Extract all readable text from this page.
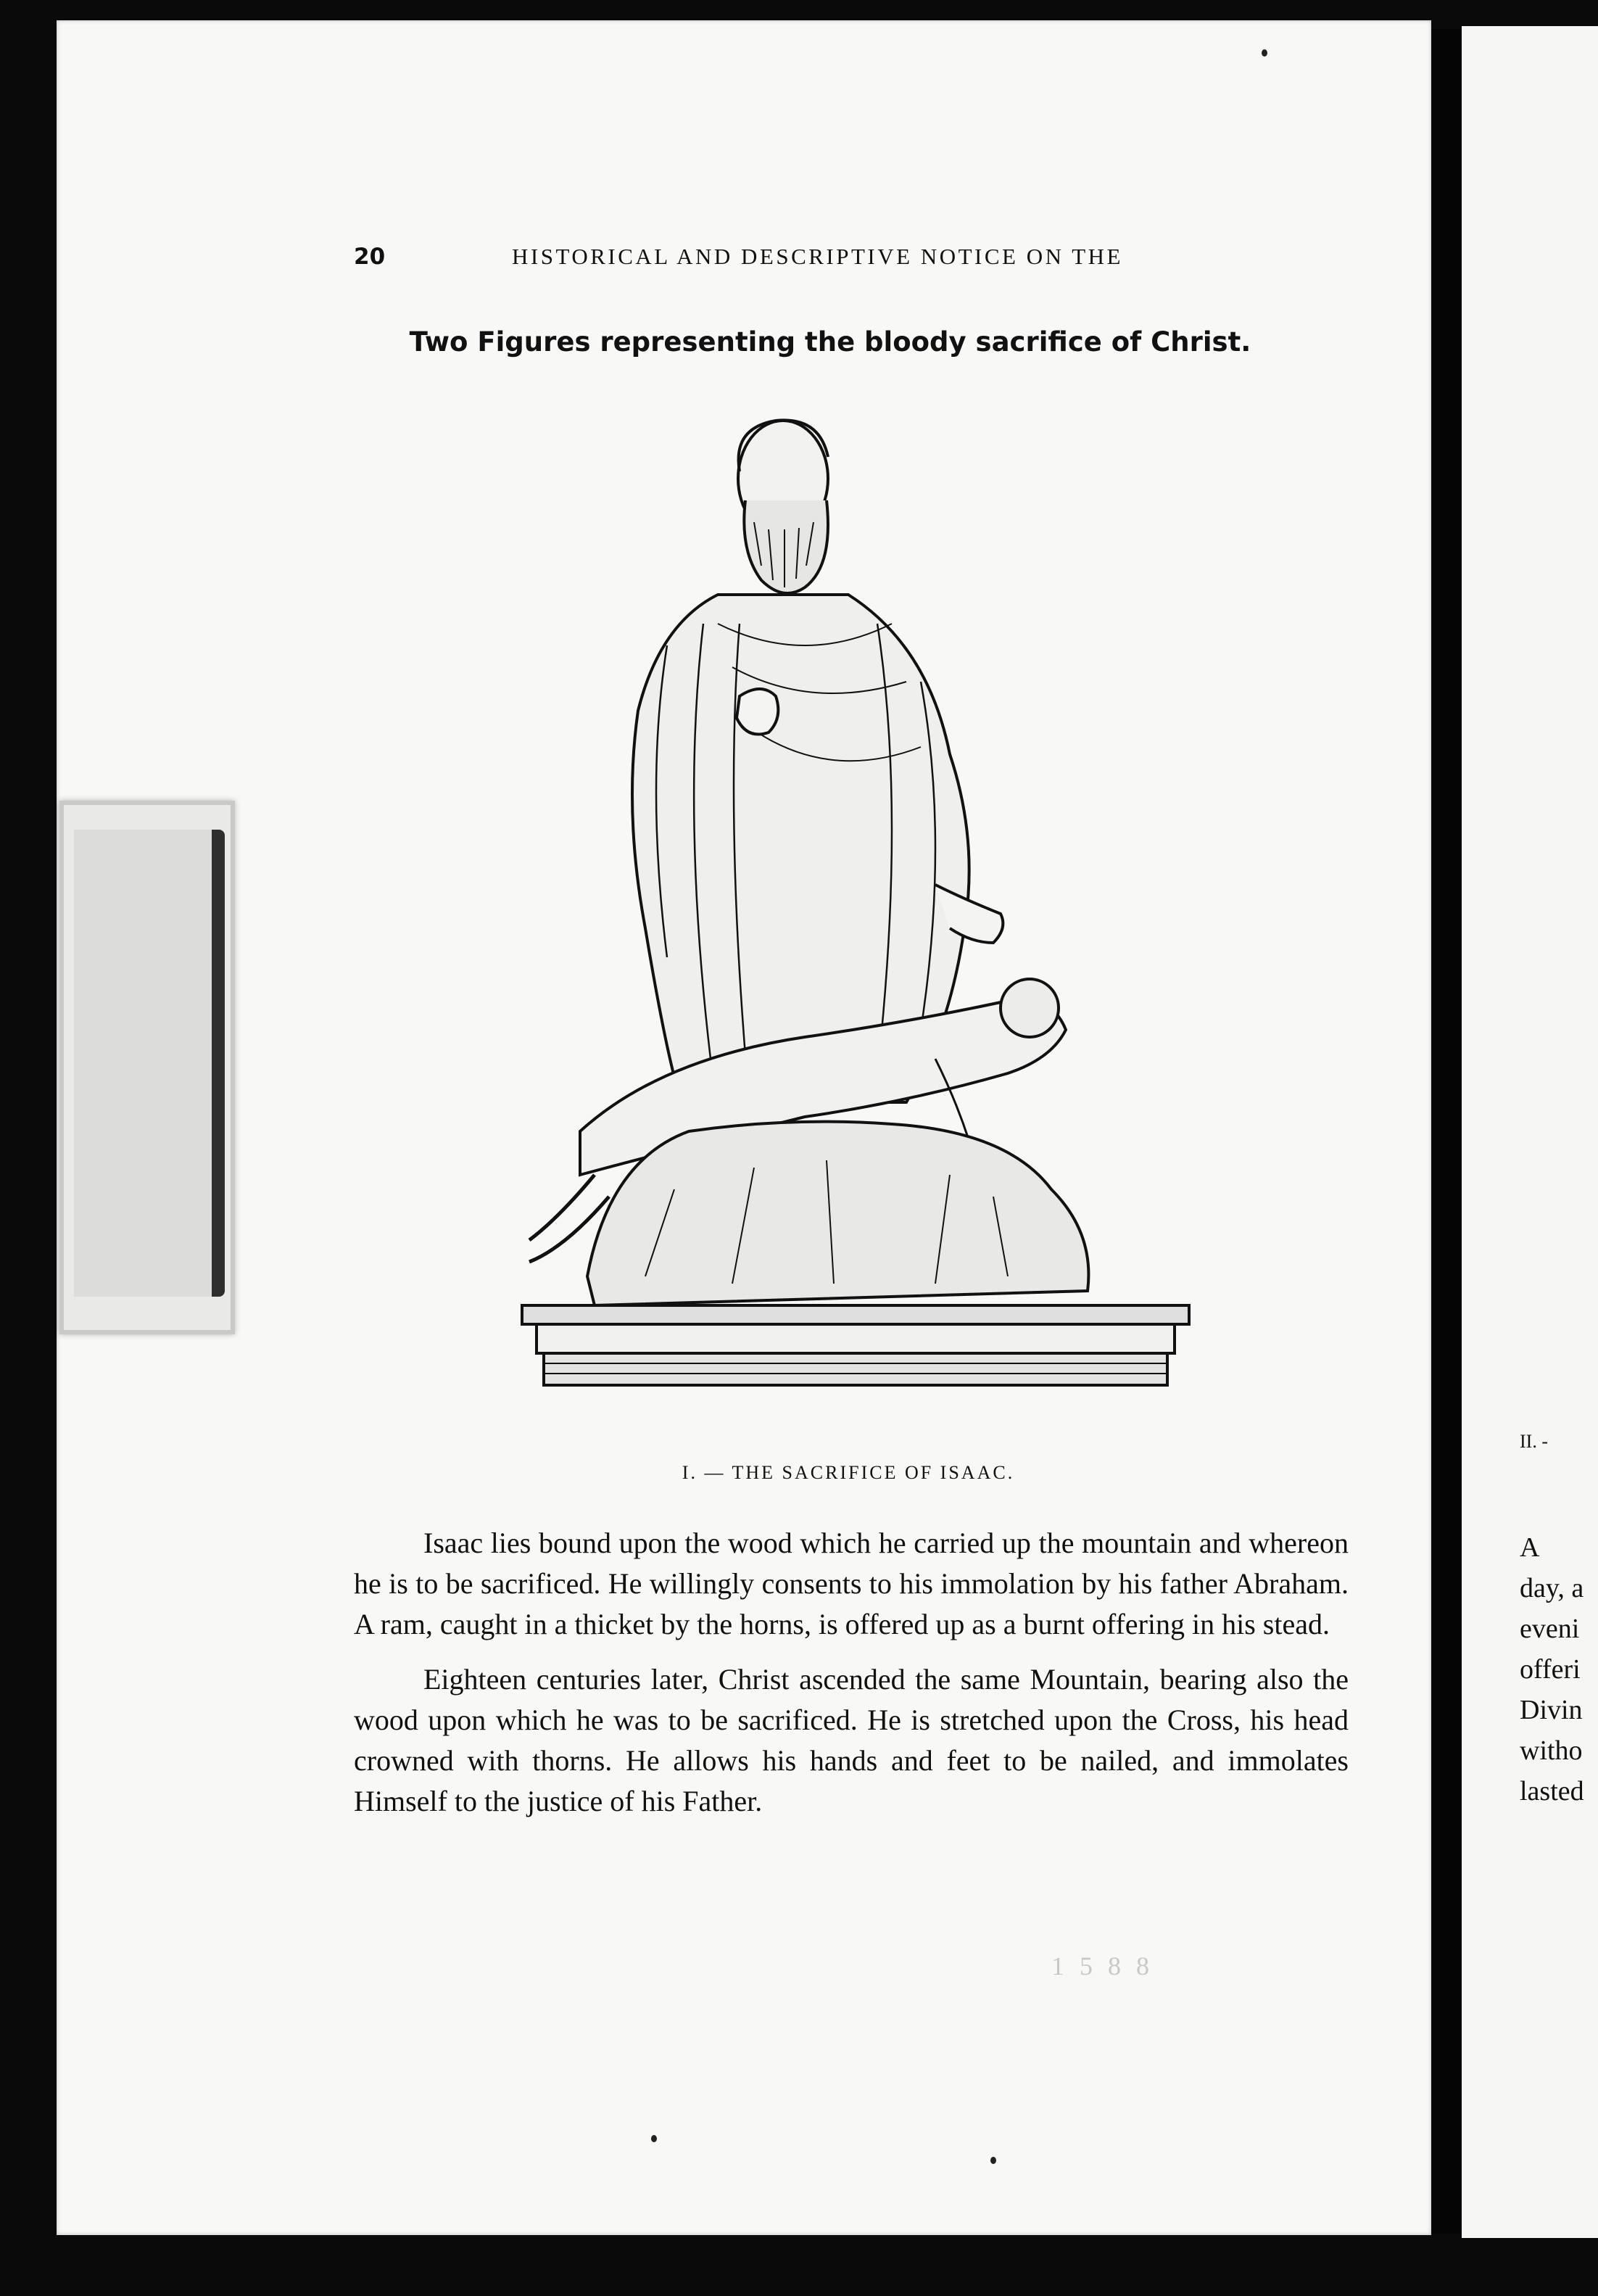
20	HISTORICAL AND DESCRIPTIVE NOTICE ON THE
Two Figures representing the bloody sacrifice of Christ.
I. — THE SACRIFICE OF ISAAC.

Isaac lies bound upon the wood which he carried up the mountain and whereon he is to be sacrificed. He willingly consents to his immolation by his father Abraham. A ram, caught in a thicket by the horns, is offered up as a burnt offering in his stead.

Eighteen centuries later, Christ ascended the same Mountain, bearing also the wood upon which he was to be sacrificed. He is stretched upon the Cross, his head crowned with thorns. He allows his hands and feet to be nailed, and immolates Himself to the justice of his Father.

II. -
A
day, a
eveni
offeri
Divin
witho
lasted
1 5 8 8
